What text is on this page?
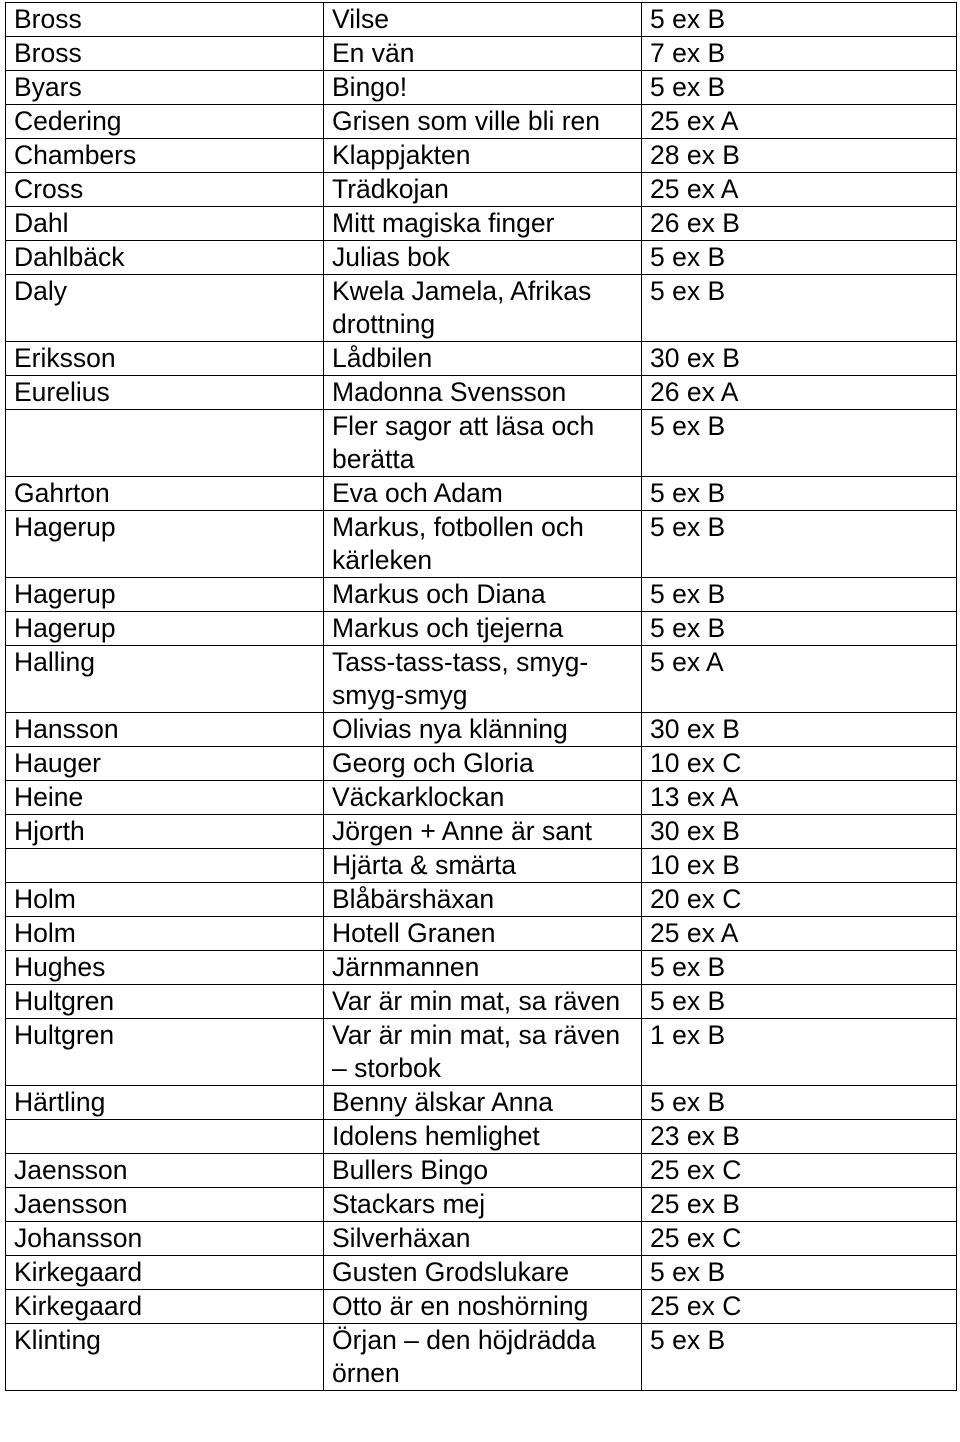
Bross	Vilse	5 ex B
Bross	En vän	7 ex B
Byars	Bingo!	5 ex B
Cedering	Grisen som ville bli ren	25 ex A
Chambers	Klappjakten	28 ex B
Cross	Trädkojan	25 ex A
Dahl	Mitt magiska finger	26 ex B
Dahlbäck	Julias bok	5 ex B
Daly	Kwela Jamela, Afrikas drottning	5 ex B
Eriksson	Lådbilen	30 ex B
Eurelius	Madonna Svensson	26 ex A
	Fler sagor att läsa och berätta	5 ex B
Gahrton	Eva och Adam	5 ex B
Hagerup	Markus, fotbollen och kärleken	5 ex B
Hagerup	Markus och Diana	5 ex B
Hagerup	Markus och tjejerna	5 ex B
Halling	Tass-tass-tass, smyg-smyg-smyg	5 ex A
Hansson	Olivias nya klänning	30 ex B
Hauger	Georg och Gloria	10 ex C
Heine	Väckarklockan	13 ex A
Hjorth	Jörgen + Anne är sant	30 ex B
	Hjärta & smärta	10 ex B
Holm	Blåbärshäxan	20 ex C
Holm	Hotell Granen	25 ex A
Hughes	Järnmannen	5 ex B
Hultgren	Var är min mat, sa räven	5 ex B
Hultgren	Var är min mat, sa räven – storbok	1 ex B
Härtling	Benny älskar Anna	5 ex B
	Idolens hemlighet	23 ex B
Jaensson	Bullers Bingo	25 ex C
Jaensson	Stackars mej	25 ex B
Johansson	Silverhäxan	25 ex C
Kirkegaard	Gusten Grodslukare	5 ex B
Kirkegaard	Otto är en noshörning	25 ex C
Klinting	Örjan – den höjdrädda örnen	5 ex B
